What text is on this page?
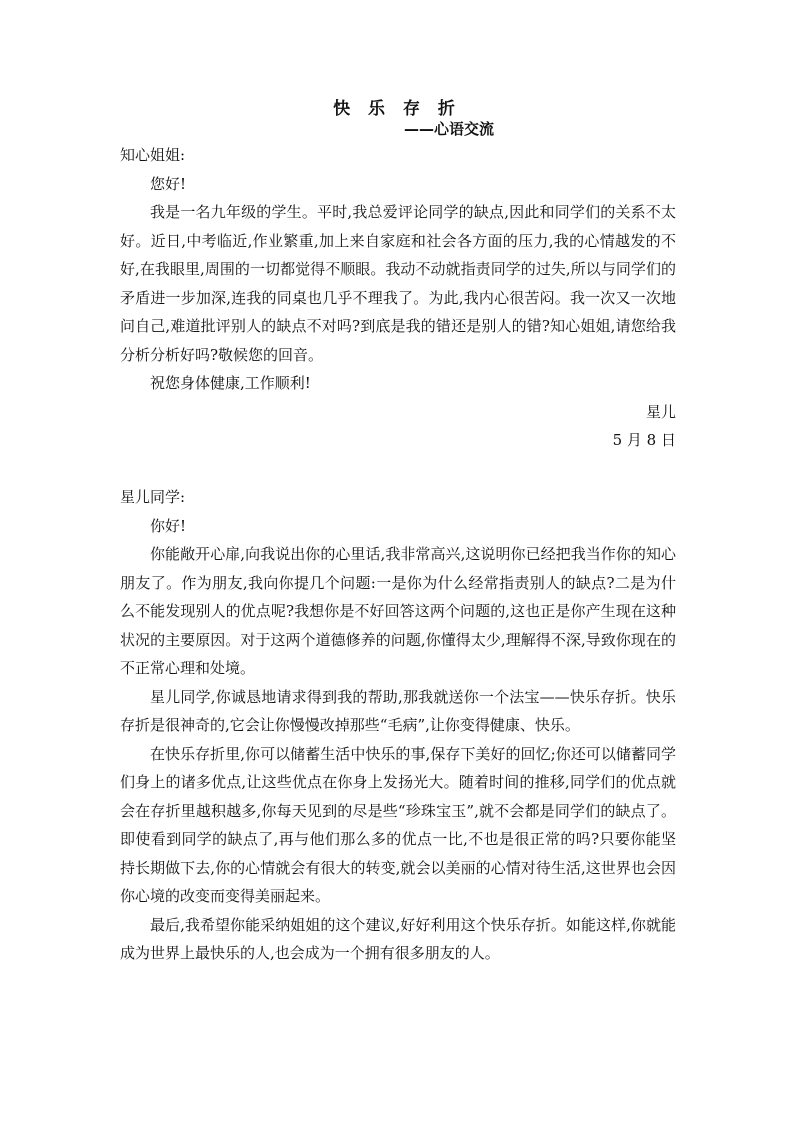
快 乐 存 折
——心语交流

知心姐姐:

您好!

我是一名九年级的学生。平时,我总爱评论同学的缺点,因此和同学们的关系不太好。近日,中考临近,作业繁重,加上来自家庭和社会各方面的压力,我的心情越发的不好,在我眼里,周围的一切都觉得不顺眼。我动不动就指责同学的过失,所以与同学们的矛盾进一步加深,连我的同桌也几乎不理我了。为此,我内心很苦闷。我一次又一次地问自己,难道批评别人的缺点不对吗?到底是我的错还是别人的错?知心姐姐,请您给我分析分析好吗?敬候您的回音。

祝您身体健康,工作顺利!

星儿

5 月 8 日

星儿同学:

你好!

你能敞开心扉,向我说出你的心里话,我非常高兴,这说明你已经把我当作你的知心朋友了。作为朋友,我向你提几个问题:一是你为什么经常指责别人的缺点?二是为什么不能发现别人的优点呢?我想你是不好回答这两个问题的,这也正是你产生现在这种状况的主要原因。对于这两个道德修养的问题,你懂得太少,理解得不深,导致你现在的不正常心理和处境。

星儿同学,你诚恳地请求得到我的帮助,那我就送你一个法宝——快乐存折。快乐存折是很神奇的,它会让你慢慢改掉那些“毛病”,让你变得健康、快乐。

在快乐存折里,你可以储蓄生活中快乐的事,保存下美好的回忆;你还可以储蓄同学们身上的诸多优点,让这些优点在你身上发扬光大。随着时间的推移,同学们的优点就会在存折里越积越多,你每天见到的尽是些“珍珠宝玉”,就不会都是同学们的缺点了。即使看到同学的缺点了,再与他们那么多的优点一比,不也是很正常的吗?只要你能坚持长期做下去,你的心情就会有很大的转变,就会以美丽的心情对待生活,这世界也会因你心境的改变而变得美丽起来。

最后,我希望你能采纳姐姐的这个建议,好好利用这个快乐存折。如能这样,你就能成为世界上最快乐的人,也会成为一个拥有很多朋友的人。
